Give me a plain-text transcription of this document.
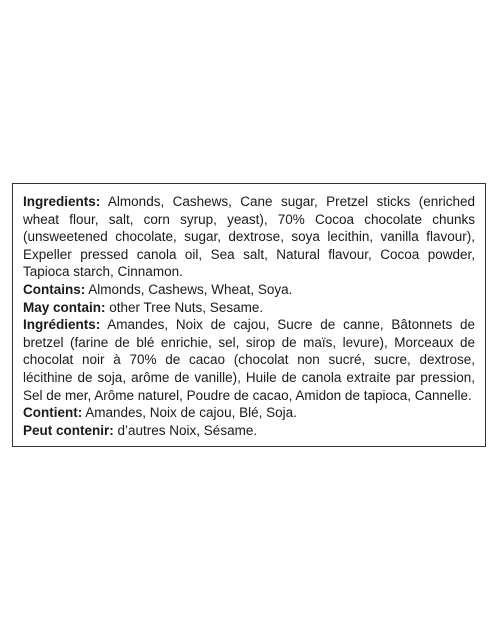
Ingredients: Almonds, Cashews, Cane sugar, Pretzel sticks (enriched wheat flour, salt, corn syrup, yeast), 70% Cocoa chocolate chunks (unsweetened chocolate, sugar, dextrose, soya lecithin, vanilla flavour), Expeller pressed canola oil, Sea salt, Natural flavour, Cocoa powder, Tapioca starch, Cinnamon.

Contains: Almonds, Cashews, Wheat, Soya.

May contain: other Tree Nuts, Sesame.

Ingrédients: Amandes, Noix de cajou, Sucre de canne, Bâtonnets de bretzel (farine de blé enrichie, sel, sirop de maïs, levure), Morceaux de chocolat noir à 70% de cacao (chocolat non sucré, sucre, dextrose, lécithine de soja, arôme de vanille), Huile de canola extraite par pression, Sel de mer, Arôme naturel, Poudre de cacao, Amidon de tapioca, Cannelle.

Contient: Amandes, Noix de cajou, Blé, Soja.

Peut contenir: d’autres Noix, Sésame.
